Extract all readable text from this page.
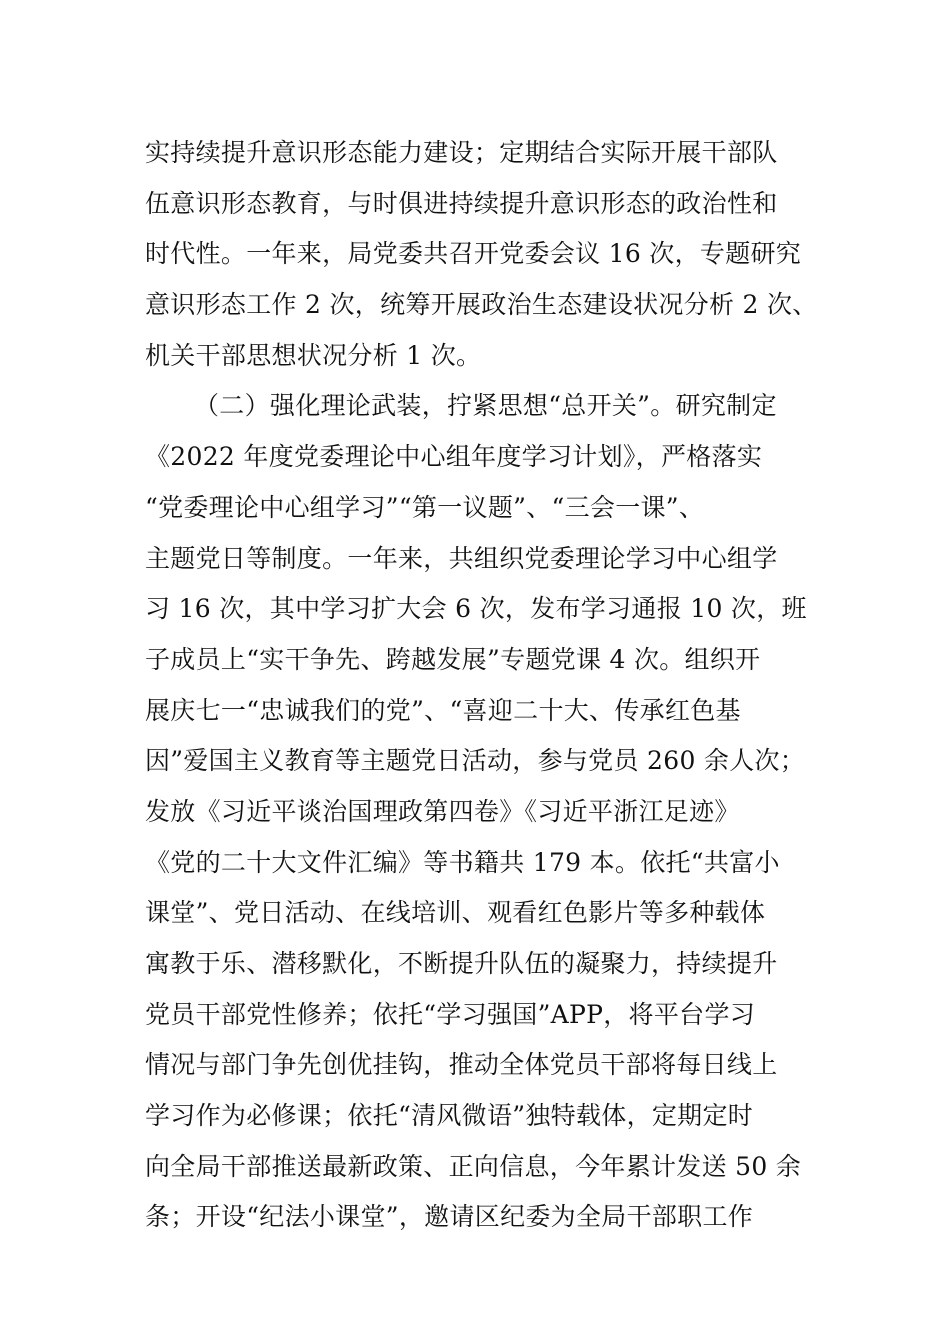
实持续提升意识形态能力建设；定期结合实际开展干部队
伍意识形态教育，与时俱进持续提升意识形态的政治性和
时代性。一年来，局党委共召开党委会议 16 次，专题研究
意识形态工作 2 次，统筹开展政治生态建设状况分析 2 次、
机关干部思想状况分析 1 次。
（二）强化理论武装，拧紧思想“总开关”。研究制定
《2022 年度党委理论中心组年度学习计划》，严格落实
“党委理论中心组学习”“第一议题”、“三会一课”、
主题党日等制度。一年来，共组织党委理论学习中心组学
习 16 次，其中学习扩大会 6 次，发布学习通报 10 次，班
子成员上“实干争先、跨越发展”专题党课 4 次。组织开
展庆七一“忠诚我们的党”、“喜迎二十大、传承红色基
因”爱国主义教育等主题党日活动，参与党员 260 余人次；
发放《习近平谈治国理政第四卷》《习近平浙江足迹》
《党的二十大文件汇编》等书籍共 179 本。依托“共富小
课堂”、党日活动、在线培训、观看红色影片等多种载体
寓教于乐、潜移默化，不断提升队伍的凝聚力，持续提升
党员干部党性修养；依托“学习强国”APP，将平台学习
情况与部门争先创优挂钩，推动全体党员干部将每日线上
学习作为必修课；依托“清风微语”独特载体，定期定时
向全局干部推送最新政策、正向信息，今年累计发送 50 余
条；开设“纪法小课堂”，邀请区纪委为全局干部职工作
